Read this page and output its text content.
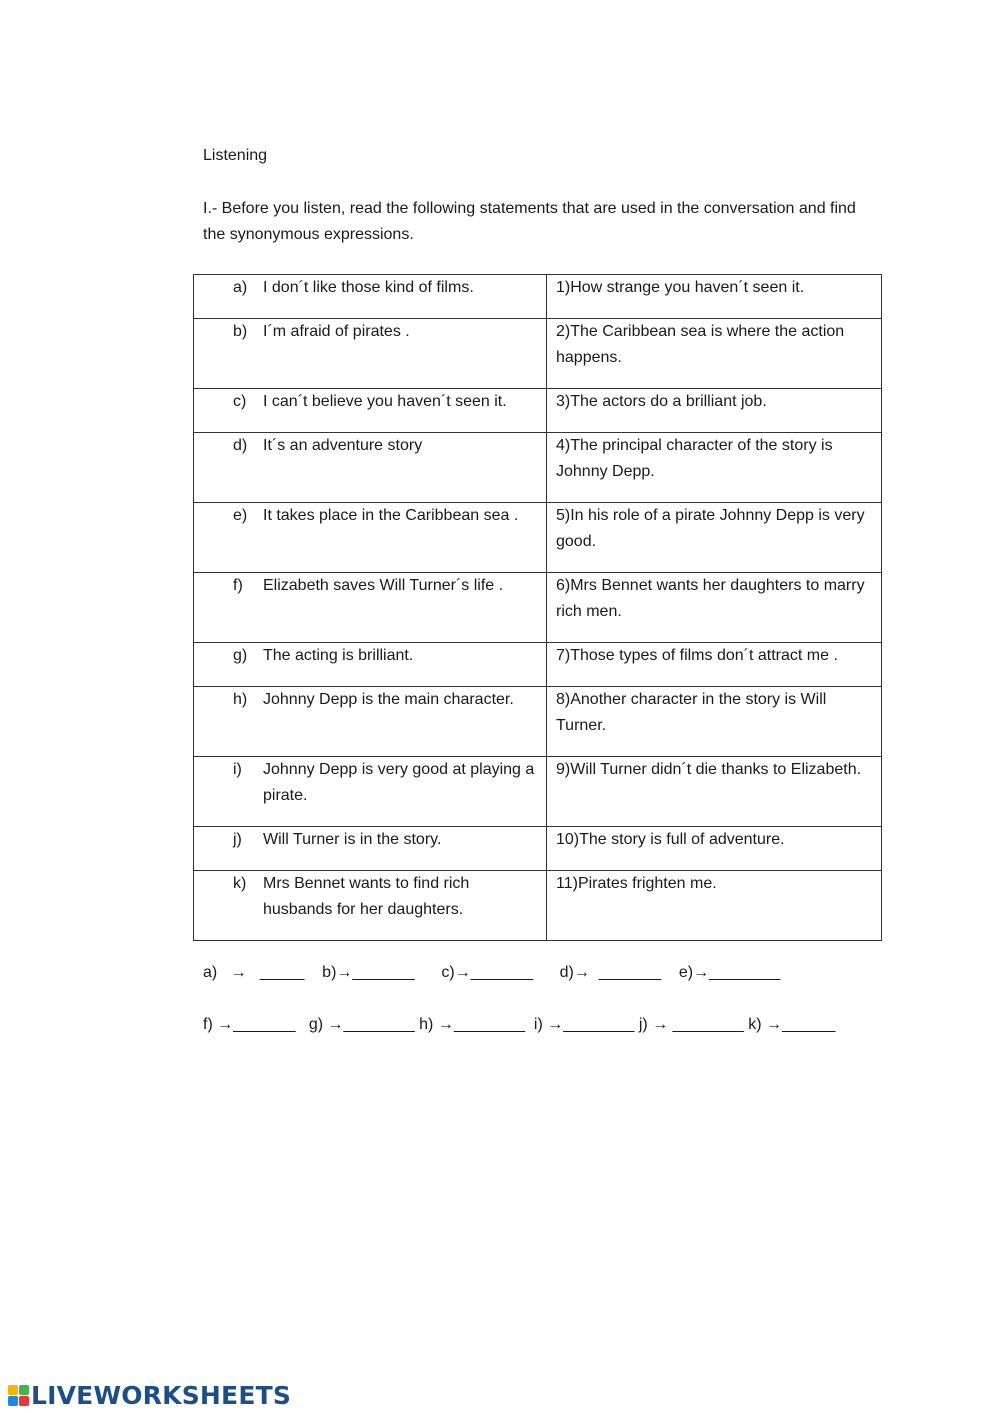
Listening

I.- Before you listen, read the following statements that are used in the conversation and find the synonymous expressions.

a) I don´t like those kind of films.	1)How strange you haven´t seen it.

b) I´m afraid of pirates .	2)The Caribbean sea is where the action happens.

c) I can´t believe you haven´t seen it.	3)The actors do a brilliant job.

d) It´s an adventure story	4)The principal character of the story is Johnny Depp.

e) It takes place in the Caribbean sea .	5)In his role of a pirate Johnny Depp is very good.

f) Elizabeth saves Will Turner´s life .	6)Mrs Bennet wants her daughters to marry rich men.

g) The acting is brilliant.	7)Those types of films don´t attract me .

h) Johnny Depp is the main character.	8)Another character in the story is Will Turner.

i) Johnny Depp is very good at playing a pirate.	9)Will Turner didn´t die thanks to Elizabeth.

j) Will Turner is in the story.	10)The story is full of adventure.

k) Mrs Bennet wants to find rich husbands for her daughters.	11)Pirates frighten me.
a)   →   _____    b)→_______      c)→_______      d)→  _______    e)→________
f) →_______   g) →________ h) →________  i) →________ j) → ________ k) →______
LIVEWORKSHEETS
